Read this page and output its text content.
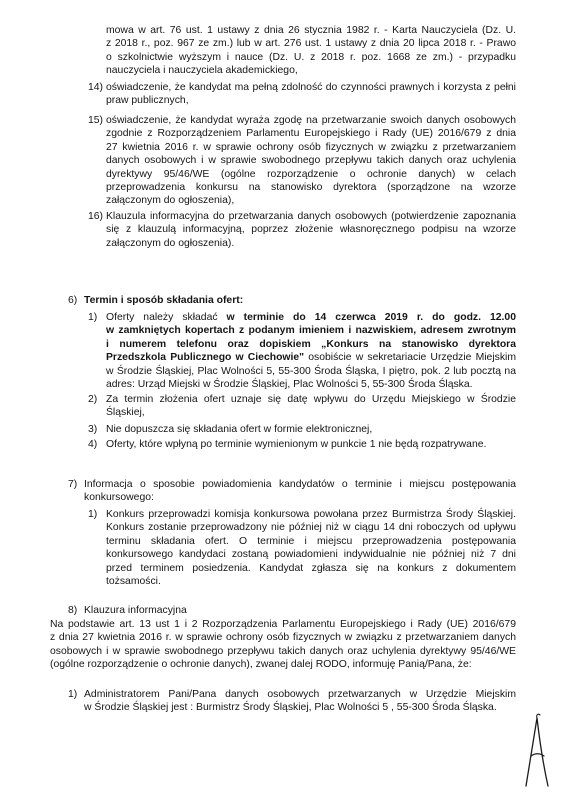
mowa w art. 76 ust. 1 ustawy z dnia 26 stycznia 1982 r. - Karta Nauczyciela (Dz. U.
z 2018 r., poz. 967 ze zm.) lub w art. 276 ust. 1 ustawy z dnia 20 lipca 2018 r. - Prawo
o szkolnictwie wyższym i nauce (Dz. U. z 2018 r. poz. 1668 ze zm.) - przypadku
nauczyciela i nauczyciela akademickiego,
14) oświadczenie, że kandydat ma pełną zdolność do czynności prawnych i korzysta z pełni
praw publicznych,
15) oświadczenie, że kandydat wyraża zgodę na przetwarzanie swoich danych osobowych
zgodnie z Rozporządzeniem Parlamentu Europejskiego i Rady (UE) 2016/679 z dnia
27 kwietnia 2016 r. w sprawie ochrony osób fizycznych w związku z przetwarzaniem
danych osobowych i w sprawie swobodnego przepływu takich danych oraz uchylenia
dyrektywy 95/46/WE (ogólne rozporządzenie o ochronie danych) w celach
przeprowadzenia konkursu na stanowisko dyrektora (sporządzone na wzorze
załączonym do ogłoszenia),
16) Klauzula informacyjna do przetwarzania danych osobowych (potwierdzenie zapoznania
się z klauzulą informacyjną, poprzez złożenie własnoręcznego podpisu na wzorze
załączonym do ogłoszenia).
6) Termin i sposób składania ofert:
1) Oferty należy składać w terminie do 14 czerwca 2019 r. do godz. 12.00
w zamkniętych kopertach z podanym imieniem i nazwiskiem, adresem zwrotnym
i numerem telefonu oraz dopiskiem „Konkurs na stanowisko dyrektora
Przedszkola Publicznego w Ciechowie" osobiście w sekretariacie Urzędzie Miejskim
w Środzie Śląskiej, Plac Wolności 5, 55-300 Środa Śląska, I piętro, pok. 2 lub pocztą na
adres: Urząd Miejski w Środzie Śląskiej, Plac Wolności 5, 55-300 Środa Śląska.
2) Za termin złożenia ofert uznaje się datę wpływu do Urzędu Miejskiego w Środzie
Śląskiej,
3) Nie dopuszcza się składania ofert w formie elektronicznej,
4) Oferty, które wpłyną po terminie wymienionym w punkcie 1 nie będą rozpatrywane.
7) Informacja o sposobie powiadomienia kandydatów o terminie i miejscu postępowania
konkursowego:
1) Konkurs przeprowadzi komisja konkursowa powołana przez Burmistrza Środy Śląskiej.
Konkurs zostanie przeprowadzony nie później niż w ciągu 14 dni roboczych od upływu
terminu składania ofert. O terminie i miejscu przeprowadzenia postępowania
konkursowego kandydaci zostaną powiadomieni indywidualnie nie później niż 7 dni
przed terminem posiedzenia. Kandydat zgłasza się na konkurs z dokumentem
tożsamości.
8) Klauzura informacyjna
Na podstawie art. 13 ust 1 i 2 Rozporządzenia Parlamentu Europejskiego i Rady (UE) 2016/679
z dnia 27 kwietnia 2016 r. w sprawie ochrony osób fizycznych w związku z przetwarzaniem danych
osobowych i w sprawie swobodnego przepływu takich danych oraz uchylenia dyrektywy 95/46/WE
(ogólne rozporządzenie o ochronie danych), zwanej dalej RODO, informuję Panią/Pana, że:
1) Administratorem Pani/Pana danych osobowych przetwarzanych w Urzędzie Miejskim
w Środzie Śląskiej jest : Burmistrz Środy Śląskiej, Plac Wolności 5 , 55-300 Środa Śląska.
